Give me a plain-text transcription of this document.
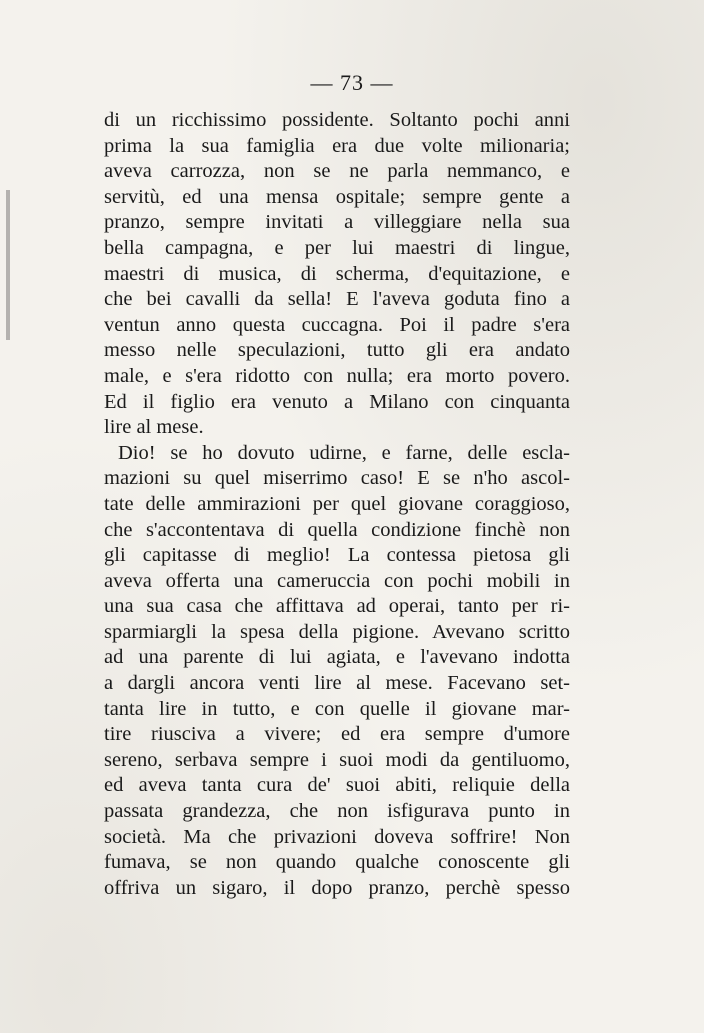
— 73 —
di un ricchissimo possidente. Soltanto pochi anni
prima la sua famiglia era due volte milionaria;
aveva carrozza, non se ne parla nemmanco, e
servitù, ed una mensa ospitale; sempre gente a
pranzo, sempre invitati a villeggiare nella sua
bella campagna, e per lui maestri di lingue,
maestri di musica, di scherma, d'equitazione, e
che bei cavalli da sella! E l'aveva goduta fino a
ventun anno questa cuccagna. Poi il padre s'era
messo nelle speculazioni, tutto gli era andato
male, e s'era ridotto con nulla; era morto povero.
Ed il figlio era venuto a Milano con cinquanta
lire al mese.
Dio! se ho dovuto udirne, e farne, delle escla-
mazioni su quel miserrimo caso! E se n'ho ascol-
tate delle ammirazioni per quel giovane coraggioso,
che s'accontentava di quella condizione finchè non
gli capitasse di meglio! La contessa pietosa gli
aveva offerta una cameruccia con pochi mobili in
una sua casa che affittava ad operai, tanto per ri-
sparmiargli la spesa della pigione. Avevano scritto
ad una parente di lui agiata, e l'avevano indotta
a dargli ancora venti lire al mese. Facevano set-
tanta lire in tutto, e con quelle il giovane mar-
tire riusciva a vivere; ed era sempre d'umore
sereno, serbava sempre i suoi modi da gentiluomo,
ed aveva tanta cura de' suoi abiti, reliquie della
passata grandezza, che non isfigurava punto in
società. Ma che privazioni doveva soffrire! Non
fumava, se non quando qualche conoscente gli
offriva un sigaro, il dopo pranzo, perchè spesso
